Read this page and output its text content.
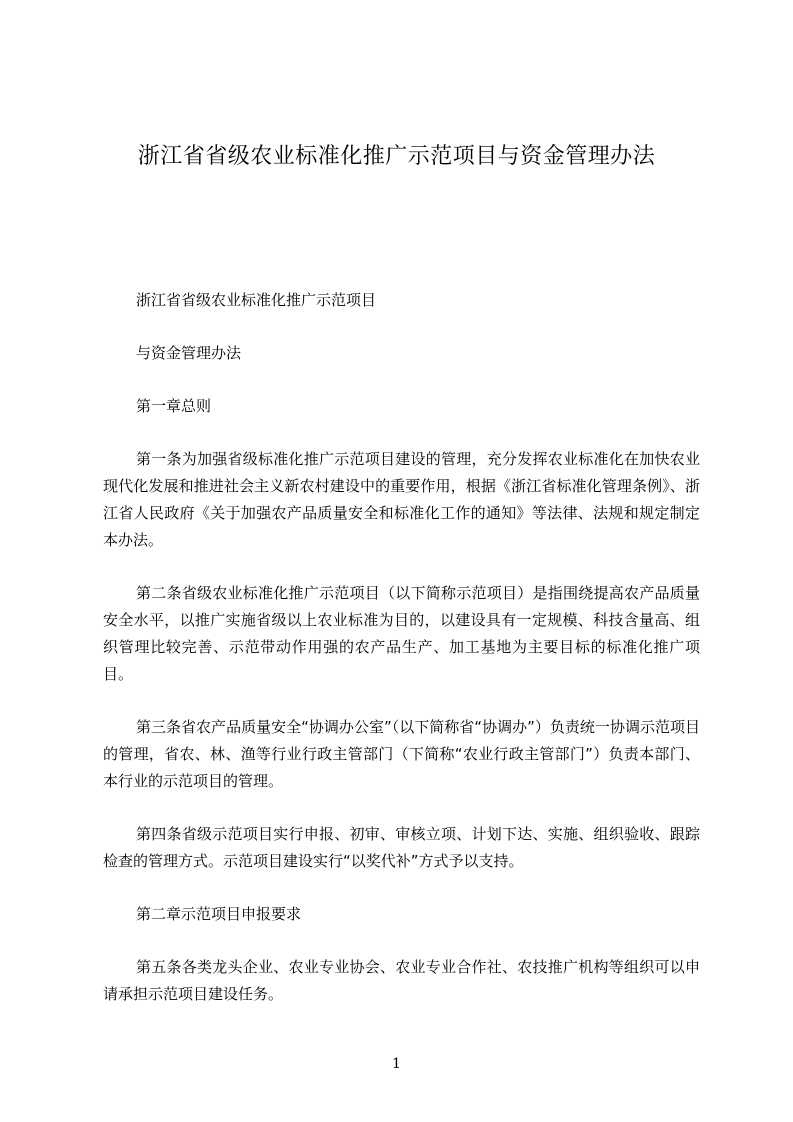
浙江省省级农业标准化推广示范项目与资金管理办法

浙江省省级农业标准化推广示范项目

与资金管理办法

第一章总则

第一条为加强省级标准化推广示范项目建设的管理，充分发挥农业标准化在加快农业现代化发展和推进社会主义新农村建设中的重要作用，根据《浙江省标准化管理条例》、浙江省人民政府《关于加强农产品质量安全和标准化工作的通知》等法律、法规和规定制定本办法。

第二条省级农业标准化推广示范项目（以下简称示范项目）是指围绕提高农产品质量安全水平，以推广实施省级以上农业标准为目的，以建设具有一定规模、科技含量高、组织管理比较完善、示范带动作用强的农产品生产、加工基地为主要目标的标准化推广项目。

第三条省农产品质量安全“协调办公室”（以下简称省“协调办”）负责统一协调示范项目的管理，省农、林、渔等行业行政主管部门（下简称“农业行政主管部门”）负责本部门、本行业的示范项目的管理。

第四条省级示范项目实行申报、初审、审核立项、计划下达、实施、组织验收、跟踪检查的管理方式。示范项目建设实行“以奖代补”方式予以支持。

第二章示范项目申报要求

第五条各类龙头企业、农业专业协会、农业专业合作社、农技推广机构等组织可以申请承担示范项目建设任务。

1
